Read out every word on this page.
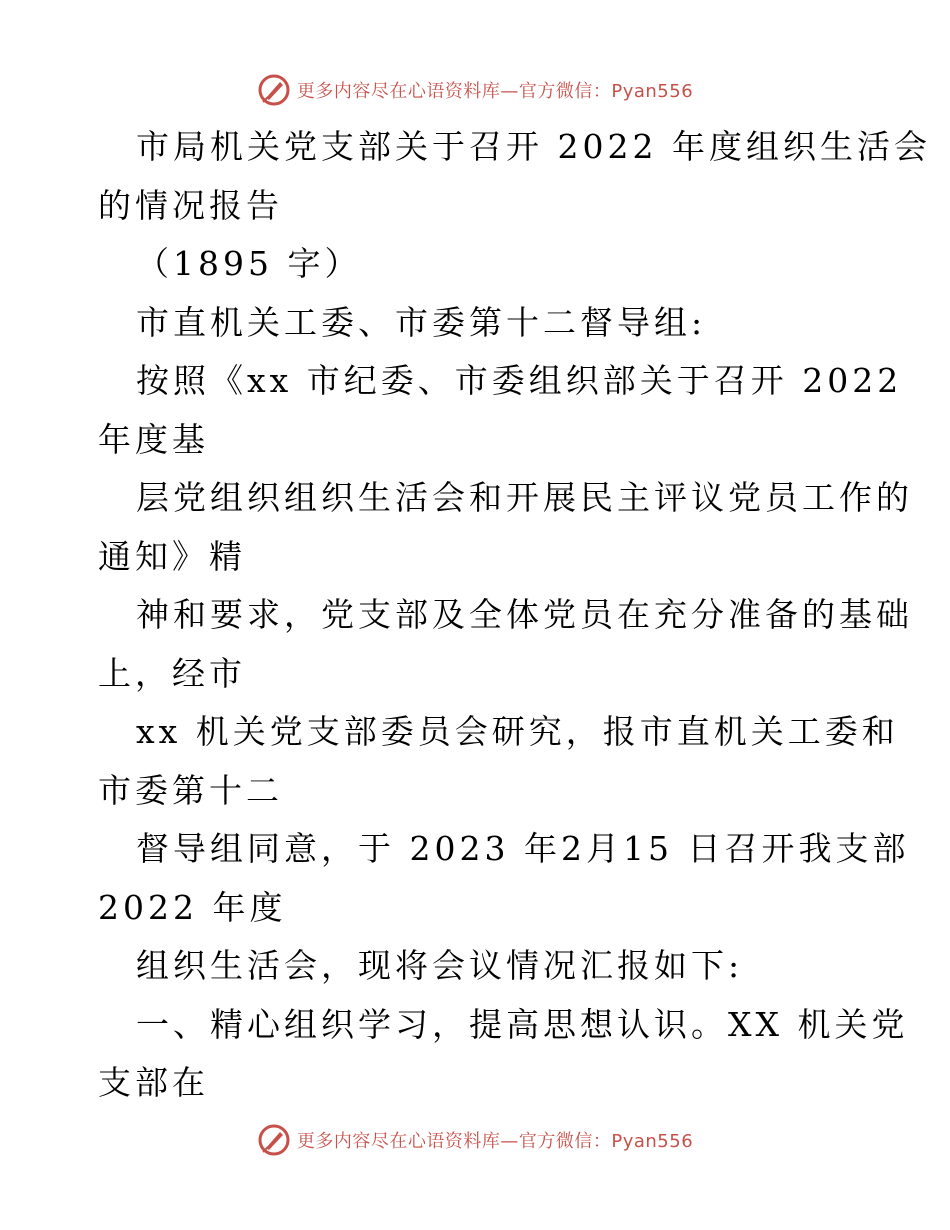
更多内容尽在心语资料库—官方微信：Pyan556
市局机关党支部关于召开 2022 年度组织生活会
的情况报告
（1895 字）
市直机关工委、市委第十二督导组:
按照《xx 市纪委、市委组织部关于召开 2022
年度基
层党组织组织生活会和开展民主评议党员工作的
通知》精
神和要求，党支部及全体党员在充分准备的基础
上，经市
xx 机关党支部委员会研究，报市直机关工委和
市委第十二
督导组同意，于 2023 年2月15 日召开我支部
2022 年度
组织生活会，现将会议情况汇报如下:
一、精心组织学习，提高思想认识。XX 机关党
支部在
更多内容尽在心语资料库—官方微信：Pyan556
